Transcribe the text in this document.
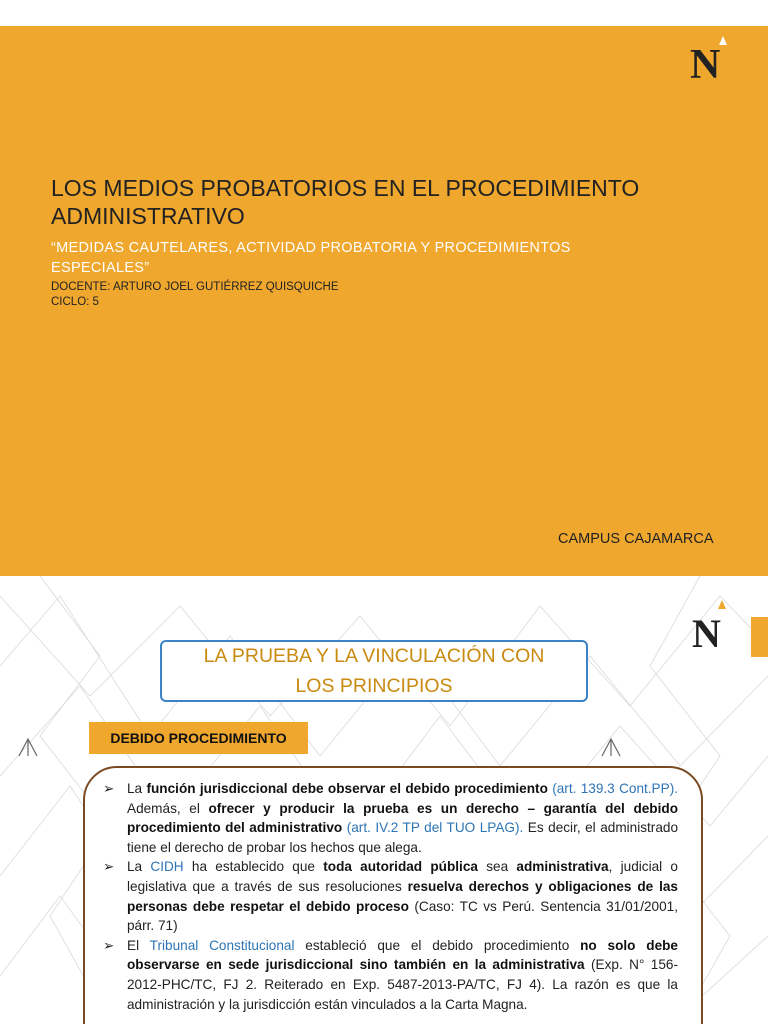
N
LOS MEDIOS PROBATORIOS EN EL PROCEDIMIENTO ADMINISTRATIVO
“MEDIDAS CAUTELARES, ACTIVIDAD PROBATORIA Y PROCEDIMIENTOS ESPECIALES”
DOCENTE: ARTURO JOEL GUTIÉRREZ QUISQUICHE
CICLO: 5
CAMPUS CAJAMARCA
N
LA PRUEBA Y LA VINCULACIÓN CON LOS PRINCIPIOS
DEBIDO PROCEDIMIENTO
➢ La función jurisdiccional debe observar el debido procedimiento (art. 139.3 Cont.PP). Además, el ofrecer y producir la prueba es un derecho – garantía del debido procedimiento del administrativo (art. IV.2 TP del TUO LPAG). Es decir, el administrado tiene el derecho de probar los hechos que alega.
➢ La CIDH ha establecido que toda autoridad pública sea administrativa, judicial o legislativa que a través de sus resoluciones resuelva derechos y obligaciones de las personas debe respetar el debido proceso (Caso: TC vs Perú. Sentencia 31/01/2001, párr. 71)
➢ El Tribunal Constitucional estableció que el debido procedimiento no solo debe observarse en sede jurisdiccional sino también en la administrativa (Exp. N° 156-2012-PHC/TC, FJ 2. Reiterado en Exp. 5487-2013-PA/TC, FJ 4). La razón es que la administración y la jurisdicción están vinculados a la Carta Magna.
